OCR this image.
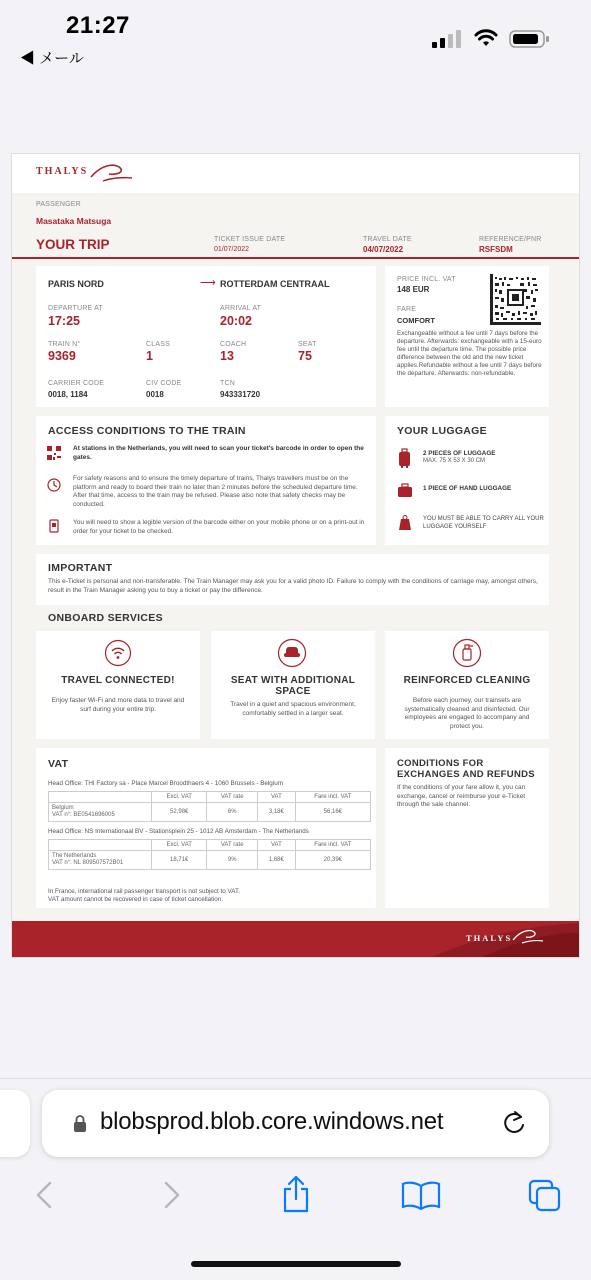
21:27
◀ メール
THALYS
PASSENGER
Masataka Matsuga
YOUR TRIP	TICKET ISSUE DATE
01/07/2022
TRAVEL DATE
04/07/2022
REFERENCE/PNR
RSFSDM
PARIS NORD	⟶ ROTTERDAM CENTRAAL
DEPARTURE AT
17:25
ARRIVAL AT
20:02
TRAIN N°
9369
CLASS
1
COACH
13
SEAT
75
CARRIER CODE
0018, 1184
CIV CODE
0018
TCN
943331720
PRICE INCL. VAT
148 EUR
FARE
COMFORT
Exchangeable without a fee until 7 days before the departure. Afterwards: exchangeable with a 15-euro fee until the departure time. The possible price difference between the old and the new ticket applies.Refundable without a fee until 7 days before the departure. Afterwards: non-refundable.
ACCESS CONDITIONS TO THE TRAIN
At stations in the Netherlands, you will need to scan your ticket's barcode in order to open the gates.
For safety reasons and to ensure the timely departure of trains, Thalys travellers must be on the platform and ready to board their train no later than 2 minutes before the scheduled departure time. After that time, access to the train may be refused. Please also note that safety checks may be conducted.
You will need to show a legible version of the barcode either on your mobile phone or on a print-out in order for your ticket to be checked.
YOUR LUGGAGE
2 PIECES OF LUGGAGE
MAX. 75 X 53 X 30 CM
1 PIECE OF HAND LUGGAGE
YOU MUST BE ABLE TO CARRY ALL YOUR LUGGAGE YOURSELF
IMPORTANT
This e-Ticket is personal and non-transferable. The Train Manager may ask you for a valid photo ID. Failure to comply with the conditions of carriage may, amongst others, result in the Train Manager asking you to buy a ticket or pay the difference.
ONBOARD SERVICES
TRAVEL CONNECTED!
Enjoy faster Wi-Fi and more data to travel and surf during your entire trip.
SEAT WITH ADDITIONAL SPACE
Travel in a quiet and spacious environment, comfortably settled in a larger seat.
REINFORCED CLEANING
Before each journey, our trainsets are systematically cleaned and disinfected. Our employees are engaged to accompany and protect you.
VAT
Head Office: THI Factory sa - Place Marcel Broodthaers 4 - 1060 Brussels - Belgium
	Excl. VAT	VAT rate	VAT	Fare incl. VAT

Belgium
VAT n°: BE0541696005	52,98€	6%	3,18€	56,16€
Head Office: NS Internationaal BV - Stationsplein 25 - 1012 AB Amsterdam - The Netherlands
	Excl. VAT	VAT rate	VAT	Fare incl. VAT

The Netherlands
VAT n°: NL 809507572B01	18,71€	9%	1,68€	20,39€
In France, international rail passenger transport is not subject to VAT.
VAT amount cannot be recovered in case of ticket cancellation.
CONDITIONS FOR EXCHANGES AND REFUNDS
If the conditions of your fare allow it, you can exchange, cancel or reimburse your e-Ticket through the sale channel.
THALYS
blobsprod.blob.core.windows.net
